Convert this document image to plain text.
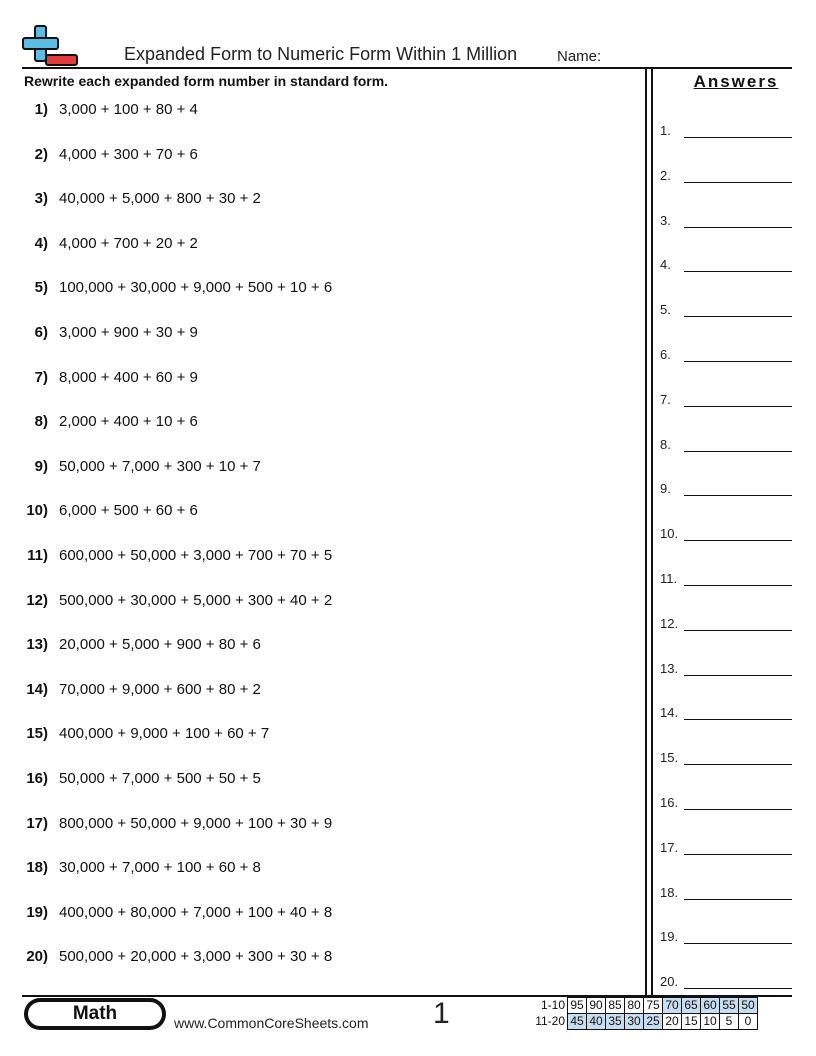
Expanded Form to Numeric Form Within 1 Million	Name:
Rewrite each expanded form number in standard form.
1) 3,000 + 100 + 80 + 4
2) 4,000 + 300 + 70 + 6
3) 40,000 + 5,000 + 800 + 30 + 2
4) 4,000 + 700 + 20 + 2
5) 100,000 + 30,000 + 9,000 + 500 + 10 + 6
6) 3,000 + 900 + 30 + 9
7) 8,000 + 400 + 60 + 9
8) 2,000 + 400 + 10 + 6
9) 50,000 + 7,000 + 300 + 10 + 7
10) 6,000 + 500 + 60 + 6
11) 600,000 + 50,000 + 3,000 + 700 + 70 + 5
12) 500,000 + 30,000 + 5,000 + 300 + 40 + 2
13) 20,000 + 5,000 + 900 + 80 + 6
14) 70,000 + 9,000 + 600 + 80 + 2
15) 400,000 + 9,000 + 100 + 60 + 7
16) 50,000 + 7,000 + 500 + 50 + 5
17) 800,000 + 50,000 + 9,000 + 100 + 30 + 9
18) 30,000 + 7,000 + 100 + 60 + 8
19) 400,000 + 80,000 + 7,000 + 100 + 40 + 8
20) 500,000 + 20,000 + 3,000 + 300 + 30 + 8
Answers
1.
2.
3.
4.
5.
6.
7.
8.
9.
10.
11.
12.
13.
14.
15.
16.
17.
18.
19.
20.
Math	www.CommonCoreSheets.com 1	1-10	95	90	85	80	75	70	65	60	55	50
11-20	45	40	35	30	25	20	15	10	5	0
